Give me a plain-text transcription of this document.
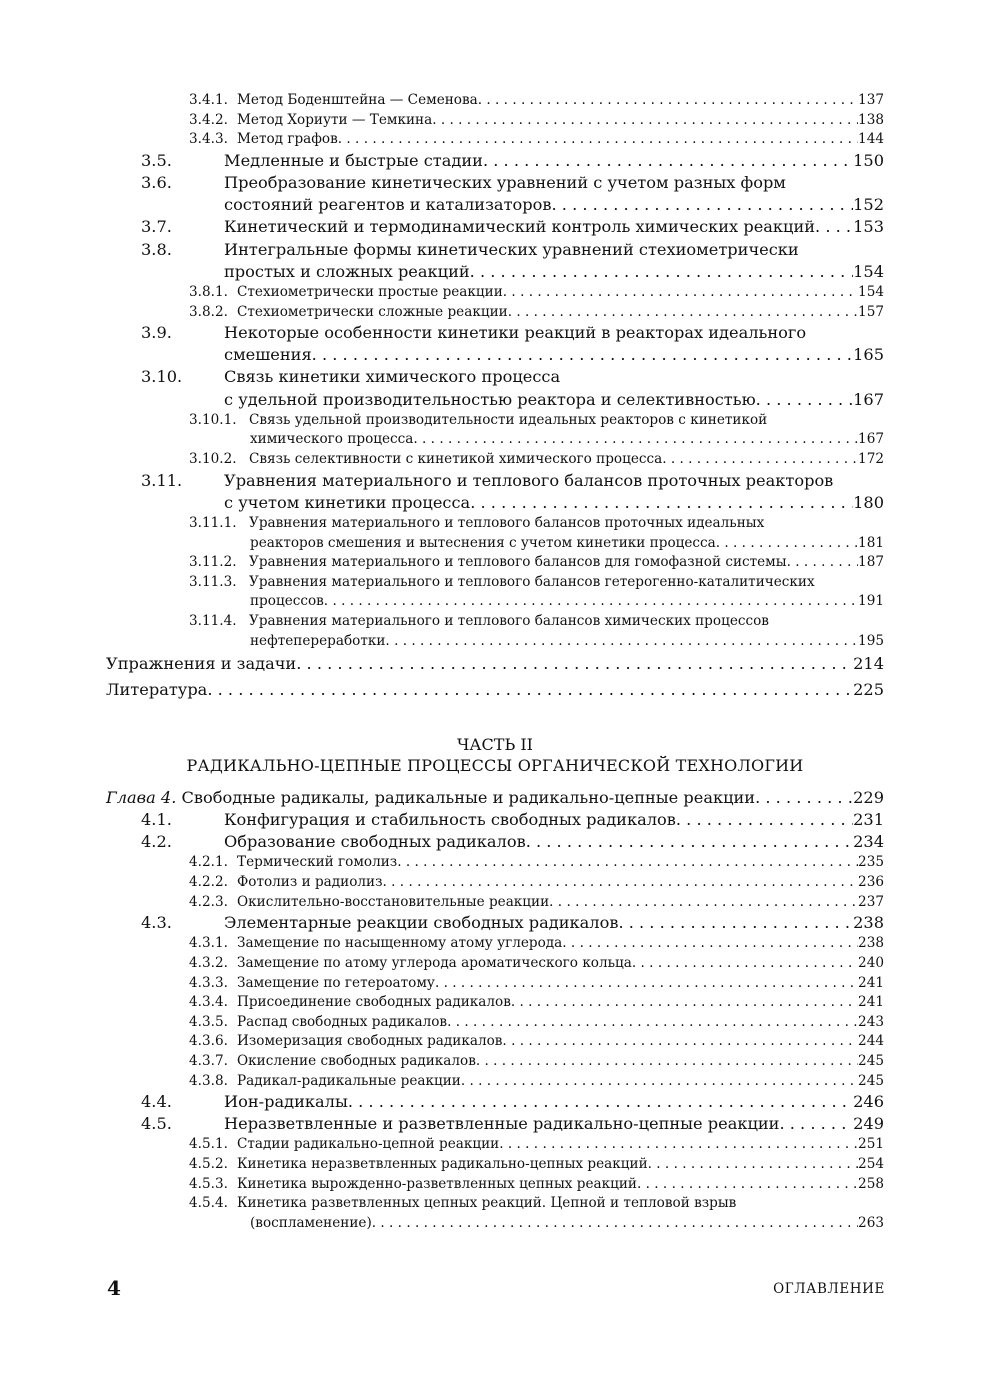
3.4.1. Метод Боденштейна — Семенова . . .	137
3.4.2. Метод Хориути — Темкина . . .	138
3.4.3. Метод графов . . .	144
3.5.	Медленные и быстрые стадии . . .	150
3.6.	Преобразование кинетических уравнений с учетом разных форм
состояний реагентов и катализаторов . . .	152
3.7.	Кинетический и термодинамический контроль химических реакций . . . 153
3.8.	Интегральные формы кинетических уравнений стехиометрически
простых и сложных реакций . . .	154
3.8.1. Стехиометрически простые реакции . . .	154
3.8.2. Стехиометрически сложные реакции . . .	157
3.9.	Некоторые особенности кинетики реакций в реакторах идеального
смешения . . .	165
3.10.	Связь кинетики химического процесса
с удельной производительностью реактора и селективностью . . .	167
3.10.1. Связь удельной производительности идеальных реакторов с кинетикой
химического процесса . . .	167
3.10.2. Связь селективности с кинетикой химического процесса . . .	172
3.11.	Уравнения материального и теплового балансов проточных реакторов
с учетом кинетики процесса . . .	180
3.11.1. Уравнения материального и теплового балансов проточных идеальных
реакторов смешения и вытеснения с учетом кинетики процесса . . .	181
3.11.2. Уравнения материального и теплового балансов для гомофазной системы . . .	187
3.11.3. Уравнения материального и теплового балансов гетерогенно-каталитических
процессов . . .	191
3.11.4. Уравнения материального и теплового балансов химических процессов
нефтепереработки . . .	195
Упражнения и задачи . . .	214
Литература . . .	225
ЧАСТЬ II
РАДИКАЛЬНО-ЦЕПНЫЕ ПРОЦЕССЫ ОРГАНИЧЕСКОЙ ТЕХНОЛОГИИ
Глава 4. Свободные радикалы, радикальные и радикально-цепные реакции . . .	229
4.1.	Конфигурация и стабильность свободных радикалов . . .	231
4.2.	Образование свободных радикалов . . .	234
4.2.1. Термический гомолиз . . .	235
4.2.2. Фотолиз и радиолиз . . .	236
4.2.3. Окислительно-восстановительные реакции . . .	237
4.3.	Элементарные реакции свободных радикалов . . .	238
4.3.1. Замещение по насыщенному атому углерода . . .	238
4.3.2. Замещение по атому углерода ароматического кольца . . .	240
4.3.3. Замещение по гетероатому . . .	241
4.3.4. Присоединение свободных радикалов . . .	241
4.3.5. Распад свободных радикалов . . .	243
4.3.6. Изомеризация свободных радикалов . . .	244
4.3.7. Окисление свободных радикалов . . .	245
4.3.8. Радикал-радикальные реакции . . .	245
4.4.	Ион-радикалы . . .	246
4.5.	Неразветвленные и разветвленные радикально-цепные реакции . . .	249
4.5.1. Стадии радикально-цепной реакции . . .	251
4.5.2. Кинетика неразветвленных радикально-цепных реакций . . .	254
4.5.3. Кинетика вырожденно-разветвленных цепных реакций . . .	258
4.5.4. Кинетика разветвленных цепных реакций. Цепной и тепловой взрыв
(воспламенение) . . .	263
4	ОГЛАВЛЕНИЕ
